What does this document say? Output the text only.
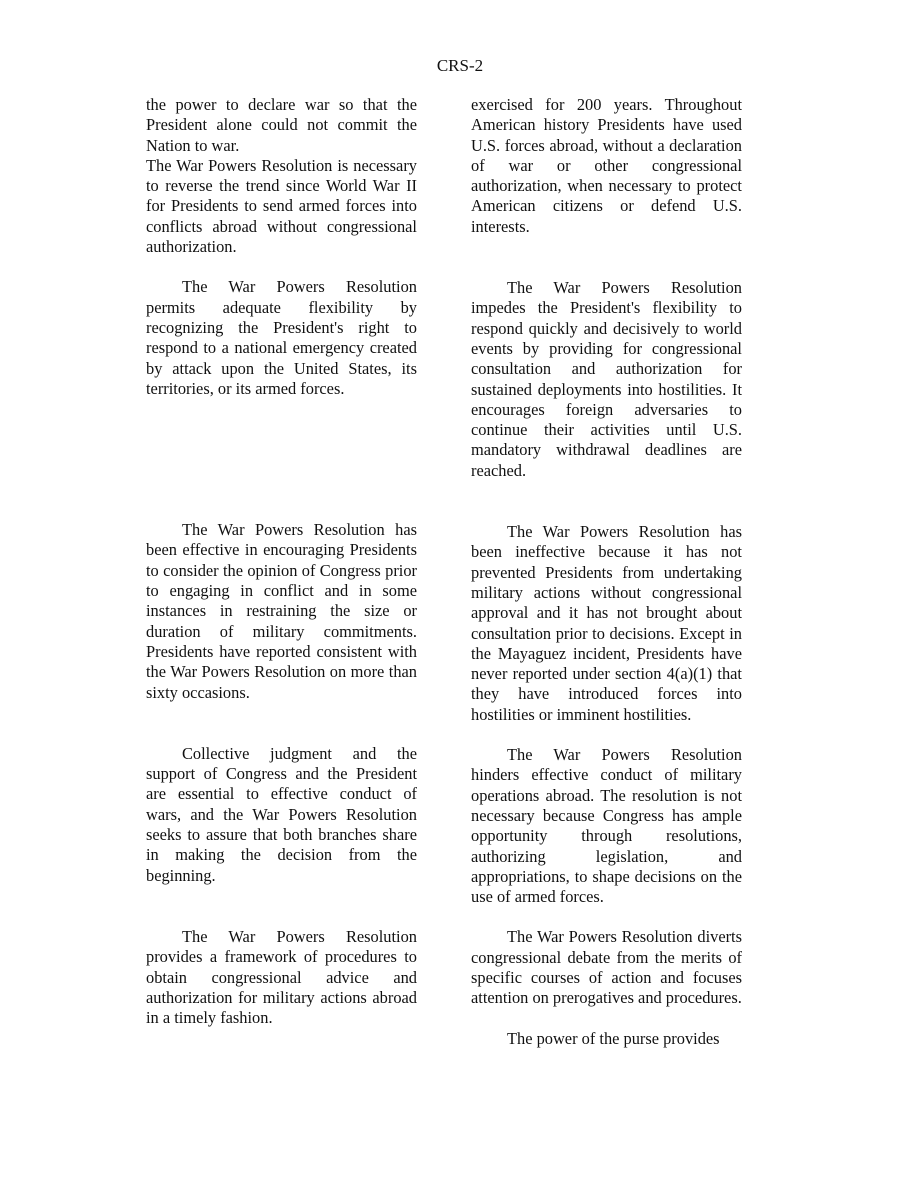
CRS-2

the power to declare war so that the President alone could not commit the Nation to war.

The War Powers Resolution is necessary to reverse the trend since World War II for Presidents to send armed forces into conflicts abroad without congressional authorization.

The War Powers Resolution permits adequate flexibility by recognizing the President's right to respond to a national emergency created by attack upon the United States, its territories, or its armed forces.

The War Powers Resolution has been effective in encouraging Presidents to consider the opinion of Congress prior to engaging in conflict and in some instances in restraining the size or duration of military commitments. Presidents have reported consistent with the War Powers Resolution on more than sixty occasions.

Collective judgment and the support of Congress and the President are essential to effective conduct of wars, and the War Powers Resolution seeks to assure that both branches share in making the decision from the beginning.

The War Powers Resolution provides a framework of procedures to obtain congressional advice and authorization for military actions abroad in a timely fashion.

exercised for 200 years. Throughout American history Presidents have used U.S. forces abroad, without a declaration of war or other congressional authorization, when necessary to protect American citizens or defend U.S. interests.

The War Powers Resolution impedes the President's flexibility to respond quickly and decisively to world events by providing for congressional consultation and authorization for sustained deployments into hostilities. It encourages foreign adversaries to continue their activities until U.S. mandatory withdrawal deadlines are reached.

The War Powers Resolution has been ineffective because it has not prevented Presidents from undertaking military actions without congressional approval and it has not brought about consultation prior to decisions. Except in the Mayaguez incident, Presidents have never reported under section 4(a)(1) that they have introduced forces into hostilities or imminent hostilities.

The War Powers Resolution hinders effective conduct of military operations abroad. The resolution is not necessary because Congress has ample opportunity through resolutions, authorizing legislation, and appropriations, to shape decisions on the use of armed forces.

The War Powers Resolution diverts congressional debate from the merits of specific courses of action and focuses attention on prerogatives and procedures.

The power of the purse provides
